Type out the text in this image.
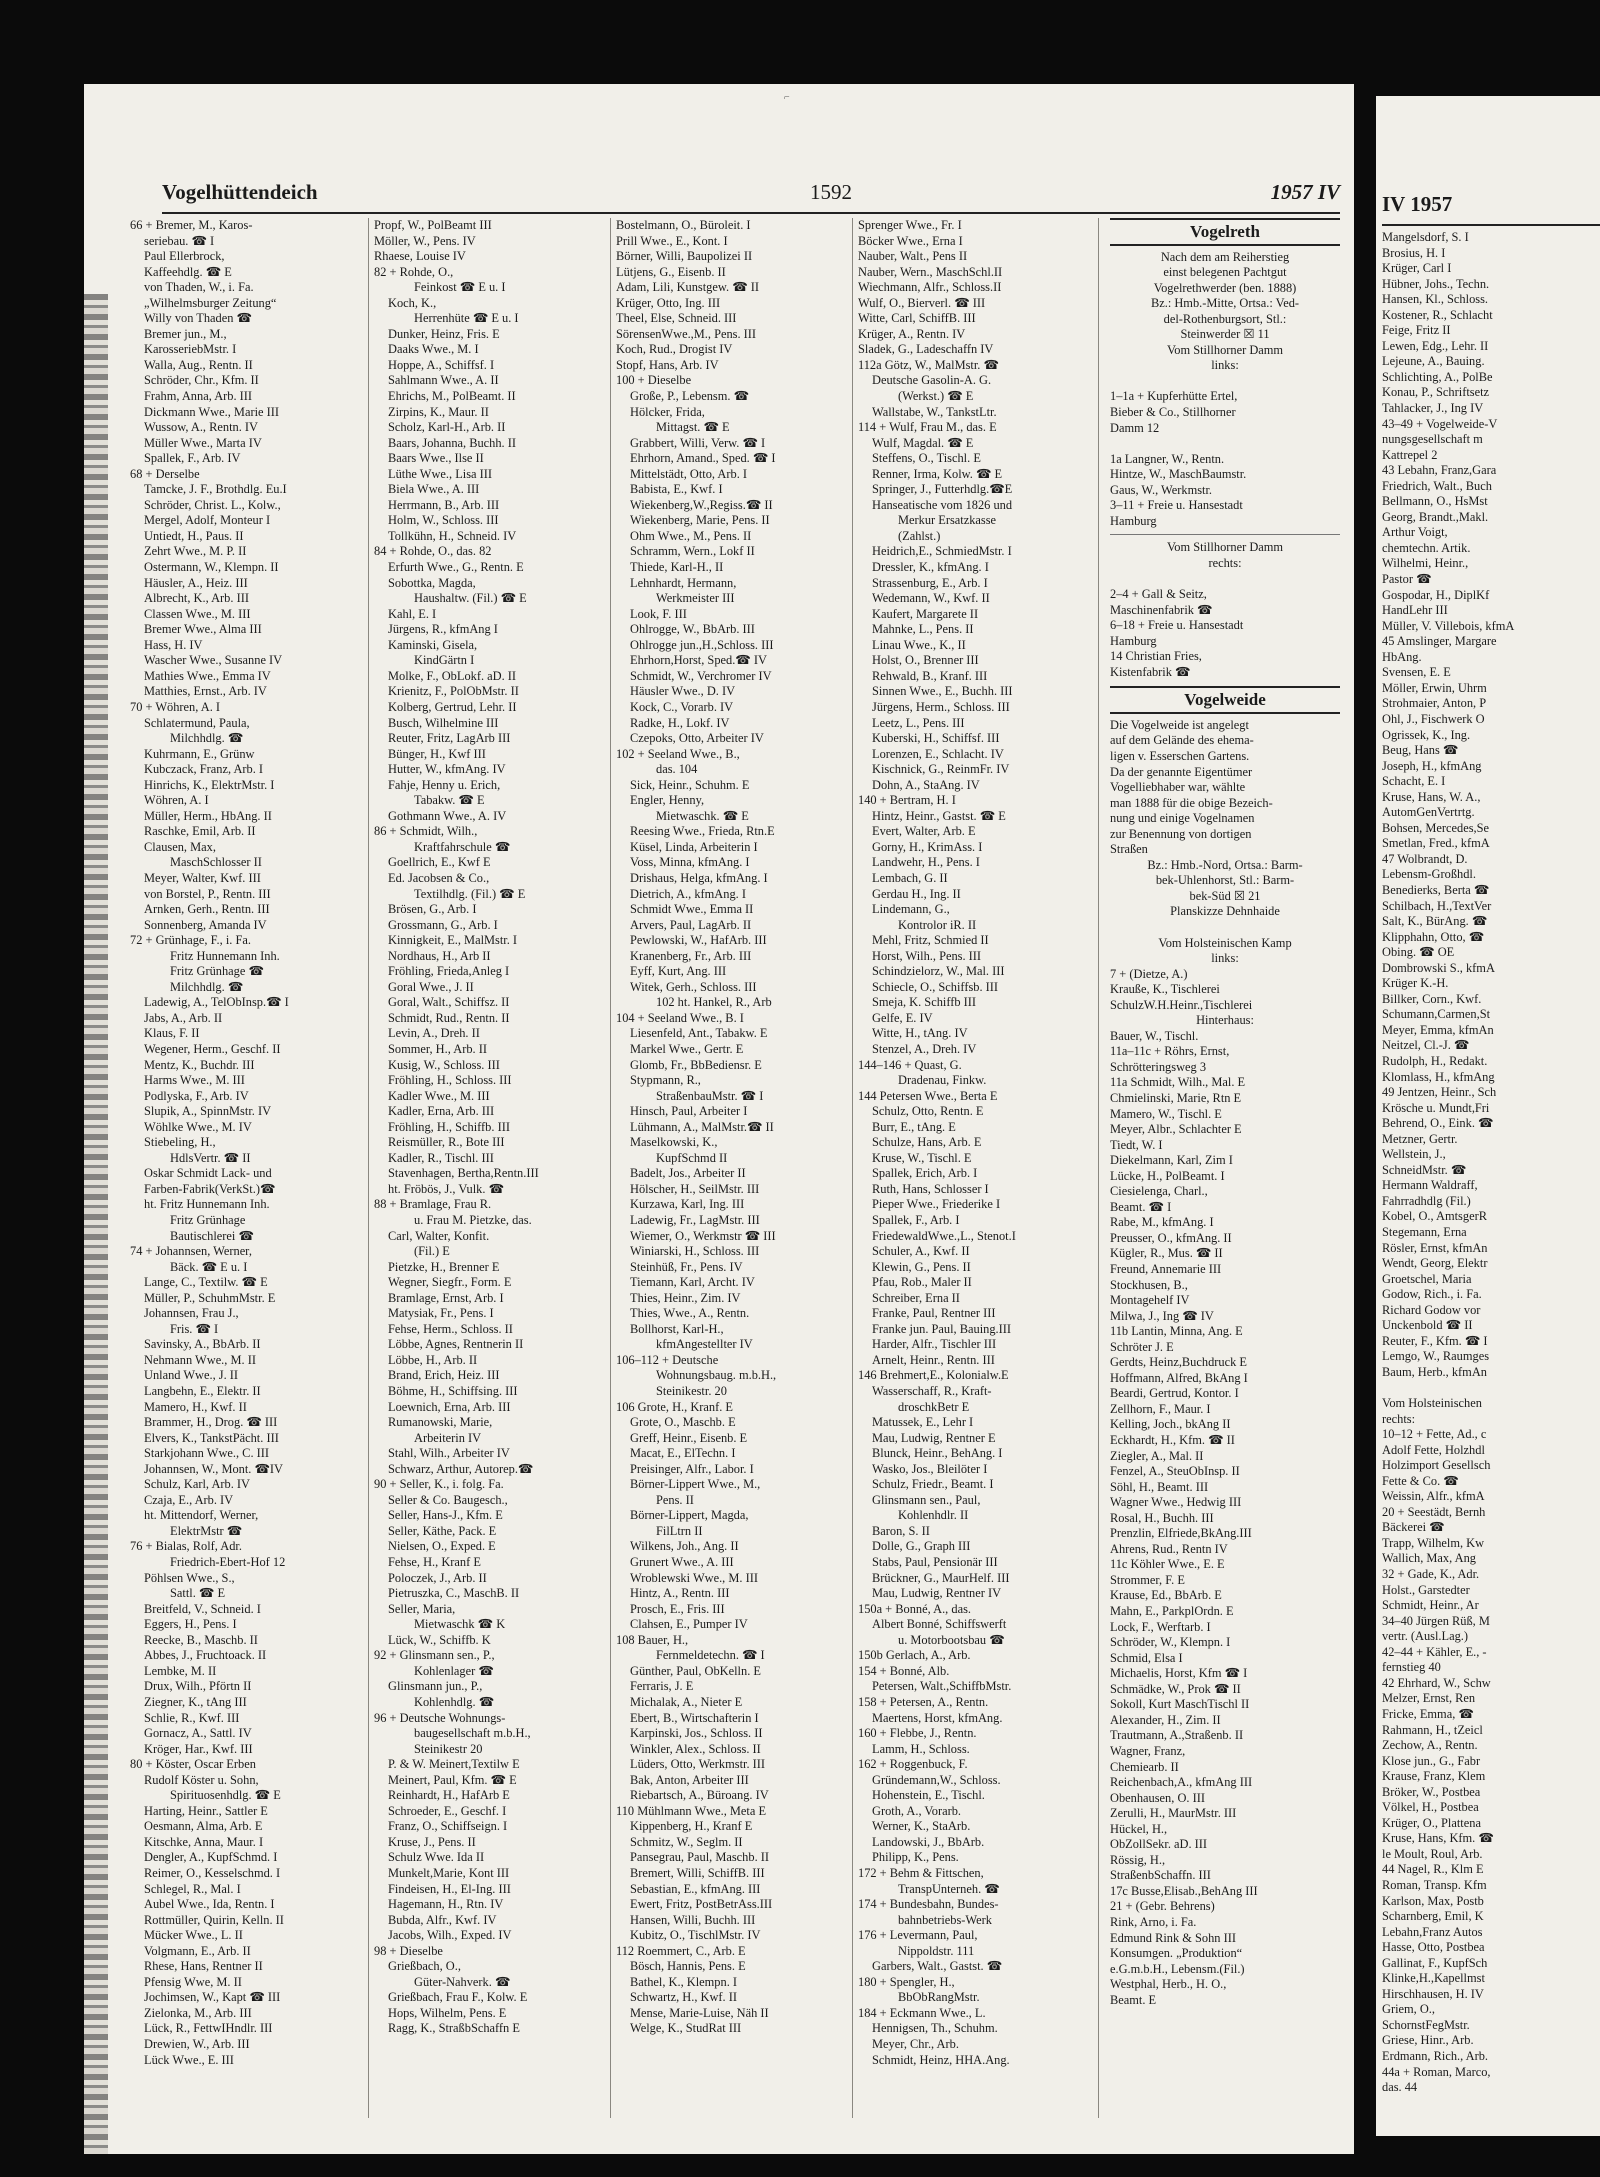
⌐
Vogelhüttendeich	1592	1957 IV
66 + Bremer, M., Karos-
seriebau. ☎ I
Paul Ellerbrock,
Kaffeehdlg. ☎ E
von Thaden, W., i. Fa.
„Wilhelmsburger Zeitung“
Willy von Thaden ☎
Bremer jun., M.,
KarosseriebMstr. I
Walla, Aug., Rentn. II
Schröder, Chr., Kfm. II
Frahm, Anna, Arb. III
Dickmann Wwe., Marie III
Wussow, A., Rentn. IV
Müller Wwe., Marta IV
Spallek, F., Arb. IV
68 + Derselbe
Tamcke, J. F., Brothdlg. Eu.I
Schröder, Christ. L., Kolw.,
Mergel, Adolf, Monteur I
Untiedt, H., Paus. II
Zehrt Wwe., M. P. II
Ostermann, W., Klempn. II
Häusler, A., Heiz. III
Albrecht, K., Arb. III
Classen Wwe., M. III
Bremer Wwe., Alma III
Hass, H. IV
Wascher Wwe., Susanne IV
Mathies Wwe., Emma IV
Matthies, Ernst., Arb. IV
70 + Wöhren, A. I
Schlatermund, Paula,
Milchhdlg. ☎
Kuhrmann, E., Grünw
Kubczack, Franz, Arb. I
Hinrichs, K., ElektrMstr. I
Wöhren, A. I
Müller, Herm., HbAng. II
Raschke, Emil, Arb. II
Clausen, Max,
MaschSchlosser II
Meyer, Walter, Kwf. III
von Borstel, P., Rentn. III
Arnken, Gerh., Rentn. III
Sonnenberg, Amanda IV
72 + Grünhage, F., i. Fa.
Fritz Hunnemann Inh.
Fritz Grünhage ☎
Milchhdlg. ☎
Ladewig, A., TelObInsp.☎ I
Jabs, A., Arb. II
Klaus, F. II
Wegener, Herm., Geschf. II
Mentz, K., Buchdr. III
Harms Wwe., M. III
Podlyska, F., Arb. IV
Slupik, A., SpinnMstr. IV
Wöhlke Wwe., M. IV
Stiebeling, H.,
HdlsVertr. ☎ II
Oskar Schmidt Lack- und
Farben-Fabrik(VerkSt.)☎
ht. Fritz Hunnemann Inh.
Fritz Grünhage
Bautischlerei ☎
74 + Johannsen, Werner,
Bäck. ☎ E u. I
Lange, C., Textilw. ☎ E
Müller, P., SchuhmMstr. E
Johannsen, Frau J.,
Fris. ☎ I
Savinsky, A., BbArb. II
Nehmann Wwe., M. II
Unland Wwe., J. II
Langbehn, E., Elektr. II
Mamero, H., Kwf. II
Brammer, H., Drog. ☎ III
Elvers, K., TankstPächt. III
Starkjohann Wwe., C. III
Johannsen, W., Mont. ☎IV
Schulz, Karl, Arb. IV
Czaja, E., Arb. IV
ht. Mittendorf, Werner,
ElektrMstr ☎
76 + Bialas, Rolf, Adr.
Friedrich-Ebert-Hof 12
Pöhlsen Wwe., S.,
Sattl. ☎ E
Breitfeld, V., Schneid. I
Eggers, H., Pens. I
Reecke, B., Maschb. II
Abbes, J., Fruchtoack. II
Lembke, M. II
Drux, Wilh., Pförtn II
Ziegner, K., tAng III
Schlie, R., Kwf. III
Gornacz, A., Sattl. IV
Kröger, Har., Kwf. III
80 + Köster, Oscar Erben
Rudolf Köster u. Sohn,
Spirituosenhdlg. ☎ E
Harting, Heinr., Sattler E
Oesmann, Alma, Arb. E
Kitschke, Anna, Maur. I
Dengler, A., KupfSchmd. I
Reimer, O., Kesselschmd. I
Schlegel, R., Mal. I
Aubel Wwe., Ida, Rentn. I
Rottmüller, Quirin, Kelln. II
Mücker Wwe., L. II
Volgmann, E., Arb. II
Rhese, Hans, Rentner II
Pfensig Wwe, M. II
Jochimsen, W., Kapt ☎ III
Zielonka, M., Arb. III
Lück, R., FettwIHndlr. III
Drewien, W., Arb. III
Lück Wwe., E. III
Propf, W., PolBeamt III
Möller, W., Pens. IV
Rhaese, Louise IV
82 + Rohde, O.,
Feinkost ☎ E u. I
Koch, K.,
Herrenhüte ☎ E u. I
Dunker, Heinz, Fris. E
Daaks Wwe., M. I
Hoppe, A., Schiffsf. I
Sahlmann Wwe., A. II
Ehrichs, M., PolBeamt. II
Zirpins, K., Maur. II
Scholz, Karl-H., Arb. II
Baars, Johanna, Buchh. II
Baars Wwe., Ilse II
Lüthe Wwe., Lisa III
Biela Wwe., A. III
Herrmann, B., Arb. III
Holm, W., Schloss. III
Tollkühn, H., Schneid. IV
84 + Rohde, O., das. 82
Erfurth Wwe., G., Rentn. E
Sobottka, Magda,
Haushaltw. (Fil.) ☎ E
Kahl, E. I
Jürgens, R., kfmAng I
Kaminski, Gisela,
KindGärtn I
Molke, F., ObLokf. aD. II
Krienitz, F., PolObMstr. II
Kolberg, Gertrud, Lehr. II
Busch, Wilhelmine III
Reuter, Fritz, LagArb III
Bünger, H., Kwf III
Hutter, W., kfmAng. IV
Fahje, Henny u. Erich,
Tabakw. ☎ E
Gothmann Wwe., A. IV
86 + Schmidt, Wilh.,
Kraftfahrschule ☎
Goellrich, E., Kwf E
Ed. Jacobsen & Co.,
Textilhdlg. (Fil.) ☎ E
Brösen, G., Arb. I
Grossmann, G., Arb. I
Kinnigkeit, E., MalMstr. I
Nordhaus, H., Arb II
Fröhling, Frieda,Anleg I
Goral Wwe., J. II
Goral, Walt., Schiffsz. II
Schmidt, Rud., Rentn. II
Levin, A., Dreh. II
Sommer, H., Arb. II
Kusig, W., Schloss. III
Fröhling, H., Schloss. III
Kadler Wwe., M. III
Kadler, Erna, Arb. III
Fröhling, H., Schiffb. III
Reismüller, R., Bote III
Kadler, R., Tischl. III
Stavenhagen, Bertha,Rentn.III
ht. Fröbös, J., Vulk. ☎
88 + Bramlage, Frau R.
u. Frau M. Pietzke, das.
Carl, Walter, Konfit.
(Fil.) E
Pietzke, H., Brenner E
Wegner, Siegfr., Form. E
Bramlage, Ernst, Arb. I
Matysiak, Fr., Pens. I
Fehse, Herm., Schloss. II
Löbbe, Agnes, Rentnerin II
Löbbe, H., Arb. II
Brand, Erich, Heiz. III
Böhme, H., Schiffsing. III
Loewnich, Erna, Arb. III
Rumanowski, Marie,
Arbeiterin IV
Stahl, Wilh., Arbeiter IV
Schwarz, Arthur, Autorep.☎
90 + Seller, K., i. folg. Fa.
Seller & Co. Baugesch.,
Seller, Hans-J., Kfm. E
Seller, Käthe, Pack. E
Nielsen, O., Exped. E
Fehse, H., Kranf E
Poloczek, J., Arb. II
Pietruszka, C., MaschB. II
Seller, Maria,
Mietwaschk ☎ K
Lück, W., Schiffb. K
92 + Glinsmann sen., P.,
Kohlenlager ☎
Glinsmann jun., P.,
Kohlenhdlg. ☎
96 + Deutsche Wohnungs-
baugesellschaft m.b.H.,
Steinikestr 20
P. & W. Meinert,Textilw E
Meinert, Paul, Kfm. ☎ E
Reinhardt, H., HafArb E
Schroeder, E., Geschf. I
Franz, O., Schiffseign. I
Kruse, J., Pens. II
Schulz Wwe. Ida II
Munkelt,Marie, Kont III
Findeisen, H., El-Ing. III
Hagemann, H., Rtn. IV
Bubda, Alfr., Kwf. IV
Jacobs, Wilh., Exped. IV
98 + Dieselbe
Grießbach, O.,
Güter-Nahverk. ☎
Grießbach, Frau F., Kolw. E
Hops, Wilhelm, Pens. E
Ragg, K., StraßbSchaffn E
Bostelmann, O., Büroleit. I
Prill Wwe., E., Kont. I
Börner, Willi, Baupolizei II
Lütjens, G., Eisenb. II
Adam, Lili, Kunstgew. ☎ II
Krüger, Otto, Ing. III
Theel, Else, Schneid. III
SörensenWwe.,M., Pens. III
Koch, Rud., Drogist IV
Stopf, Hans, Arb. IV
100 + Dieselbe
Große, P., Lebensm. ☎
Hölcker, Frida,
Mittagst. ☎ E
Grabbert, Willi, Verw. ☎ I
Ehrhorn, Amand., Sped. ☎ I
Mittelstädt, Otto, Arb. I
Babista, E., Kwf. I
Wiekenberg,W.,Regiss.☎ II
Wiekenberg, Marie, Pens. II
Ohm Wwe., M., Pens. II
Schramm, Wern., Lokf II
Thiede, Karl-H., II
Lehnhardt, Hermann,
Werkmeister III
Look, F. III
Ohlrogge, W., BbArb. III
Ohlrogge jun.,H.,Schloss. III
Ehrhorn,Horst, Sped.☎ IV
Schmidt, W., Verchromer IV
Häusler Wwe., D. IV
Kock, C., Vorarb. IV
Radke, H., Lokf. IV
Czepoks, Otto, Arbeiter IV
102 + Seeland Wwe., B.,
das. 104
Sick, Heinr., Schuhm. E
Engler, Henny,
Mietwaschk. ☎ E
Reesing Wwe., Frieda, Rtn.E
Küsel, Linda, Arbeiterin I
Voss, Minna, kfmAng. I
Drishaus, Helga, kfmAng. I
Dietrich, A., kfmAng. I
Schmidt Wwe., Emma II
Arvers, Paul, LagArb. II
Pewlowski, W., HafArb. III
Kranenberg, Fr., Arb. III
Eyff, Kurt, Ang. III
Witek, Gerh., Schloss. III
102 ht. Hankel, R., Arb
104 + Seeland Wwe., B. I
Liesenfeld, Ant., Tabakw. E
Markel Wwe., Gertr. E
Glomb, Fr., BbBediensr. E
Stypmann, R.,
StraßenbauMstr. ☎ I
Hinsch, Paul, Arbeiter I
Lühmann, A., MalMstr.☎ II
Maselkowski, K.,
KupfSchmd II
Badelt, Jos., Arbeiter II
Hölscher, H., SeilMstr. III
Kurzawa, Karl, Ing. III
Ladewig, Fr., LagMstr. III
Wiemer, O., Werkmstr ☎ III
Winiarski, H., Schloss. III
Steinhüß, Fr., Pens. IV
Tiemann, Karl, Archt. IV
Thies, Heinr., Zim. IV
Thies, Wwe., A., Rentn.
Bollhorst, Karl-H.,
kfmAngestellter IV
106–112 + Deutsche
Wohnungsbaug. m.b.H.,
Steinikestr. 20
106 Grote, H., Kranf. E
Grote, O., Maschb. E
Greff, Heinr., Eisenb. E
Macat, E., ElTechn. I
Preisinger, Alfr., Labor. I
Börner-Lippert Wwe., M.,
Pens. II
Börner-Lippert, Magda,
FilLtrn II
Wilkens, Joh., Ang. II
Grunert Wwe., A. III
Wroblewski Wwe., M. III
Hintz, A., Rentn. III
Prosch, E., Fris. III
Clahsen, E., Pumper IV
108 Bauer, H.,
Fernmeldetechn. ☎ I
Günther, Paul, ObKelln. E
Ferraris, J. E
Michalak, A., Nieter E
Ebert, B., Wirtschafterin I
Karpinski, Jos., Schloss. II
Winkler, Alex., Schloss. II
Lüders, Otto, Werkmstr. III
Bak, Anton, Arbeiter III
Riebartsch, A., Büroang. IV
110 Mühlmann Wwe., Meta E
Kippenberg, H., Kranf E
Schmitz, W., Seglm. II
Pansegrau, Paul, Maschb. II
Bremert, Willi, SchiffB. III
Sebastian, E., kfmAng. III
Ewert, Fritz, PostBetrAss.III
Hansen, Willi, Buchh. III
Kubitz, O., TischlMstr. IV
112 Roemmert, C., Arb. E
Bösch, Hannis, Pens. E
Bathel, K., Klempn. I
Schwartz, H., Kwf. II
Mense, Marie-Luise, Näh II
Welge, K., StudRat III
Sprenger Wwe., Fr. I
Böcker Wwe., Erna I
Nauber, Walt., Pens II
Nauber, Wern., MaschSchl.II
Wiechmann, Alfr., Schloss.II
Wulf, O., Bierverl. ☎ III
Witte, Carl, SchiffB. III
Krüger, A., Rentn. IV
Sladek, G., Ladeschaffn IV
112a Götz, W., MalMstr. ☎
Deutsche Gasolin-A. G.
(Werkst.) ☎ E
Wallstabe, W., TankstLtr.
114 + Wulf, Frau M., das. E
Wulf, Magdal. ☎ E
Steffens, O., Tischl. E
Renner, Irma, Kolw. ☎ E
Springer, J., Futterhdlg.☎E
Hanseatische vom 1826 und
Merkur Ersatzkasse
(Zahlst.)
Heidrich,E., SchmiedMstr. I
Dressler, K., kfmAng. I
Strassenburg, E., Arb. I
Wedemann, W., Kwf. II
Kaufert, Margarete II
Mahnke, L., Pens. II
Linau Wwe., K., II
Holst, O., Brenner III
Rehwald, B., Kranf. III
Sinnen Wwe., E., Buchh. III
Jürgens, Herm., Schloss. III
Leetz, L., Pens. III
Kuberski, H., Schiffsf. III
Lorenzen, E., Schlacht. IV
Kischnick, G., ReinmFr. IV
Dohn, A., StaAng. IV
140 + Bertram, H. I
Hintz, Heinr., Gastst. ☎ E
Evert, Walter, Arb. E
Gorny, H., KrimAss. I
Landwehr, H., Pens. I
Lembach, G. II
Gerdau H., Ing. II
Lindemann, G.,
Kontrolor iR. II
Mehl, Fritz, Schmied II
Horst, Wilh., Pens. III
Schindzielorz, W., Mal. III
Schiecle, O., Schiffsb. III
Smeja, K. Schiffb III
Gelfe, E. IV
Witte, H., tAng. IV
Stenzel, A., Dreh. IV
144–146 + Quast, G.
Dradenau, Finkw.
144 Petersen Wwe., Berta E
Schulz, Otto, Rentn. E
Burr, E., tAng. E
Schulze, Hans, Arb. E
Kruse, W., Tischl. E
Spallek, Erich, Arb. I
Ruth, Hans, Schlosser I
Pieper Wwe., Friederike I
Spallek, F., Arb. I
FriedewaldWwe.,L., Stenot.I
Schuler, A., Kwf. II
Klewin, G., Pens. II
Pfau, Rob., Maler II
Schreiber, Erna II
Franke, Paul, Rentner III
Franke jun. Paul, Bauing.III
Harder, Alfr., Tischler III
Arnelt, Heinr., Rentn. III
146 Brehmert,E., Kolonialw.E
Wasserschaff, R., Kraft-
droschkBetr E
Matussek, E., Lehr I
Mau, Ludwig, Rentner E
Blunck, Heinr., BehAng. I
Wasko, Jos., Bleilöter I
Schulz, Friedr., Beamt. I
Glinsmann sen., Paul,
Kohlenhdlr. II
Baron, S. II
Dolle, G., Graph III
Stabs, Paul, Pensionär III
Brückner, G., MaurHelf. III
Mau, Ludwig, Rentner IV
150a + Bonné, A., das.
Albert Bonné, Schiffswerft
u. Motorbootsbau ☎
150b Gerlach, A., Arb.
154 + Bonné, Alb.
Petersen, Walt.,SchiffbMstr.
158 + Petersen, A., Rentn.
Maertens, Horst, kfmAng.
160 + Flebbe, J., Rentn.
Lamm, H., Schloss.
162 + Roggenbuck, F.
Gründemann,W., Schloss.
Hohenstein, E., Tischl.
Groth, A., Vorarb.
Werner, K., StaArb.
Landowski, J., BbArb.
Philipp, K., Pens.
172 + Behm & Fittschen,
TranspUnterneh. ☎
174 + Bundesbahn, Bundes-
bahnbetriebs-Werk
176 + Levermann, Paul,
Nippoldstr. 111
Garbers, Walt., Gastst. ☎
180 + Spengler, H.,
BbObRangMstr.
184 + Eckmann Wwe., L.
Hennigsen, Th., Schuhm.
Meyer, Chr., Arb.
Schmidt, Heinz, HHA.Ang.
Vogelreth
Nach dem am Reiherstieg
einst belegenen Pachtgut
Vogelrethwerder (ben. 1888)
Bz.: Hmb.-Mitte, Ortsa.: Ved-
del-Rothenburgsort, Stl.:
Steinwerder ☒ 11
Vom Stillhorner Damm
links:

1–1a + Kupferhütte Ertel,
Bieber & Co., Stillhorner
Damm 12

1a Langner, W., Rentn.
Hintze, W., MaschBaumstr.
Gaus, W., Werkmstr.
3–11 + Freie u. Hansestadt
Hamburg
Vom Stillhorner Damm
rechts:

2–4 + Gall & Seitz,
Maschinenfabrik ☎
6–18 + Freie u. Hansestadt
Hamburg
14 Christian Fries,
Kistenfabrik ☎
Vogelweide
Die Vogelweide ist angelegt
auf dem Gelände des ehema-
ligen v. Esserschen Gartens.
Da der genannte Eigentümer
Vogelliebhaber war, wählte
man 1888 für die obige Bezeich-
nung und einige Vogelnamen
zur Benennung von dortigen
Straßen
Bz.: Hmb.-Nord, Ortsa.: Barm-
bek-Uhlenhorst, Stl.: Barm-
bek-Süd ☒ 21
Planskizze Dehnhaide

Vom Holsteinischen Kamp
links:
7 + (Dietze, A.)
Krauße, K., Tischlerei
SchulzW.H.Heinr.,Tischlerei
Hinterhaus:
Bauer, W., Tischl.
11a–11c + Röhrs, Ernst,
Schrötteringsweg 3
11a Schmidt, Wilh., Mal. E
Chmielinski, Marie, Rtn E
Mamero, W., Tischl. E
Meyer, Albr., Schlachter E
Tiedt, W. I
Diekelmann, Karl, Zim I
Lücke, H., PolBeamt. I
Ciesielenga, Charl.,
Beamt. ☎ I
Rabe, M., kfmAng. I
Preusser, O., kfmAng. II
Kügler, R., Mus. ☎ II
Freund, Annemarie III
Stockhusen, B.,
Montagehelf IV
Milwa, J., Ing ☎ IV
11b Lantin, Minna, Ang. E
Schröter J. E
Gerdts, Heinz,Buchdruck E
Hoffmann, Alfred, BkAng I
Beardi, Gertrud, Kontor. I
Zellhorn, F., Maur. I
Kelling, Joch., bkAng II
Eckhardt, H., Kfm. ☎ II
Ziegler, A., Mal. II
Fenzel, A., SteuObInsp. II
Söhl, H., Beamt. III
Wagner Wwe., Hedwig III
Rosal, H., Buchh. III
Prenzlin, Elfriede,BkAng.III
Ahrens, Rud., Rentn IV
11c Köhler Wwe., E. E
Strommer, F. E
Krause, Ed., BbArb. E
Mahn, E., ParkplOrdn. E
Lock, F., Werftarb. I
Schröder, W., Klempn. I
Schmid, Elsa I
Michaelis, Horst, Kfm ☎ I
Schmädke, W., Prok ☎ II
Sokoll, Kurt MaschTischl II
Alexander, H., Zim. II
Trautmann, A.,Straßenb. II
Wagner, Franz,
Chemiearb. II
Reichenbach,A., kfmAng III
Obenhausen, O. III
Zerulli, H., MaurMstr. III
Hückel, H.,
ObZollSekr. aD. III
Rössig, H.,
StraßenbSchaffn. III
17c Busse,Elisab.,BehAng III
21 + (Gebr. Behrens)
Rink, Arno, i. Fa.
Edmund Rink & Sohn III
Konsumgen. „Produktion“
e.G.m.b.H., Lebensm.(Fil.)
Westphal, Herb., H. O.,
Beamt. E
IV 1957
Mangelsdorf, S. I
Brosius, H. I
Krüger, Carl I
Hübner, Johs., Techn.
Hansen, Kl., Schloss.
Kostener, R., Schlacht
Feige, Fritz II
Lewen, Edg., Lehr. II
Lejeune, A., Bauing.
Schlichting, A., PolBe
Konau, P., Schriftsetz
Tahlacker, J., Ing IV
43–49 + Vogelweide-V
nungsgesellschaft m
Kattrepel 2
43 Lebahn, Franz,Gara
Friedrich, Walt., Buch
Bellmann, O., HsMst
Georg, Brandt.,Makl.
Arthur Voigt,
chemtechn. Artik.
Wilhelmi, Heinr.,
Pastor ☎
Gospodar, H., DiplKf
HandLehr III
Müller, V. Villebois, kfmA
45 Amslinger, Margare
HbAng.
Svensen, E. E
Möller, Erwin, Uhrm
Strohmaier, Anton, P
Ohl, J., Fischwerk O
Ogrissek, K., Ing.
Beug, Hans ☎
Joseph, H., kfmAng
Schacht, E. I
Kruse, Hans, W. A.,
AutomGenVertrtg.
Bohsen, Mercedes,Se
Smetlan, Fred., kfmA
47 Wolbrandt, D.
Lebensm-Großhdl.
Benedierks, Berta ☎
Schilbach, H.,TextVer
Salt, K., BürAng. ☎
Klipphahn, Otto, ☎
Obing. ☎ OE
Dombrowski S., kfmA
Krüger K.-H.
Billker, Corn., Kwf.
Schumann,Carmen,St
Meyer, Emma, kfmAn
Neitzel, Cl.-J. ☎
Rudolph, H., Redakt.
Klomlass, H., kfmAng
49 Jentzen, Heinr., Sch
Krösche u. Mundt,Fri
Behrend, O., Eink. ☎
Metzner, Gertr.
Wellstein, J.,
SchneidMstr. ☎
Hermann Waldraff,
Fahrradhdlg (Fil.)
Kobel, O., AmtsgerR
Stegemann, Erna
Rösler, Ernst, kfmAn
Wendt, Georg, Elektr
Groetschel, Maria
Godow, Rich., i. Fa.
Richard Godow vor
Unckenbold ☎ II
Reuter, F., Kfm. ☎ I
Lemgo, W., Raumges
Baum, Herb., kfmAn

Vom Holsteinischen
rechts:
10–12 + Fette, Ad., c
Adolf Fette, Holzhdl
Holzimport Gesellsch
Fette & Co. ☎
Weissin, Alfr., kfmA
20 + Seestädt, Bernh
Bäckerei ☎
Trapp, Wilhelm, Kw
Wallich, Max, Ang
32 + Gade, K., Adr.
Holst., Garstedter
Schmidt, Heinr., Ar
34–40 Jürgen Rüß, M
vertr. (Ausl.Lag.)
42–44 + Kähler, E., -
fernstieg 40
42 Ehrhard, W., Schw
Melzer, Ernst, Ren
Fricke, Emma, ☎
Rahmann, H., tZeicl
Zechow, A., Rentn.
Klose jun., G., Fabr
Krause, Franz, Klem
Bröker, W., Postbea
Völkel, H., Postbea
Krüger, O., Plattena
Kruse, Hans, Kfm. ☎
le Moult, Roul, Arb.
44 Nagel, R., Klm E
Roman, Transp. Kfm
Karlson, Max, Postb
Scharnberg, Emil, K
Lebahn,Franz Autos
Hasse, Otto, Postbea
Gallinat, F., KupfSch
Klinke,H.,Kapellmst
Hirschhausen, H. IV
Griem, O.,
SchornstFegMstr.
Griese, Hinr., Arb.
Erdmann, Rich., Arb.
44a + Roman, Marco,
das. 44
